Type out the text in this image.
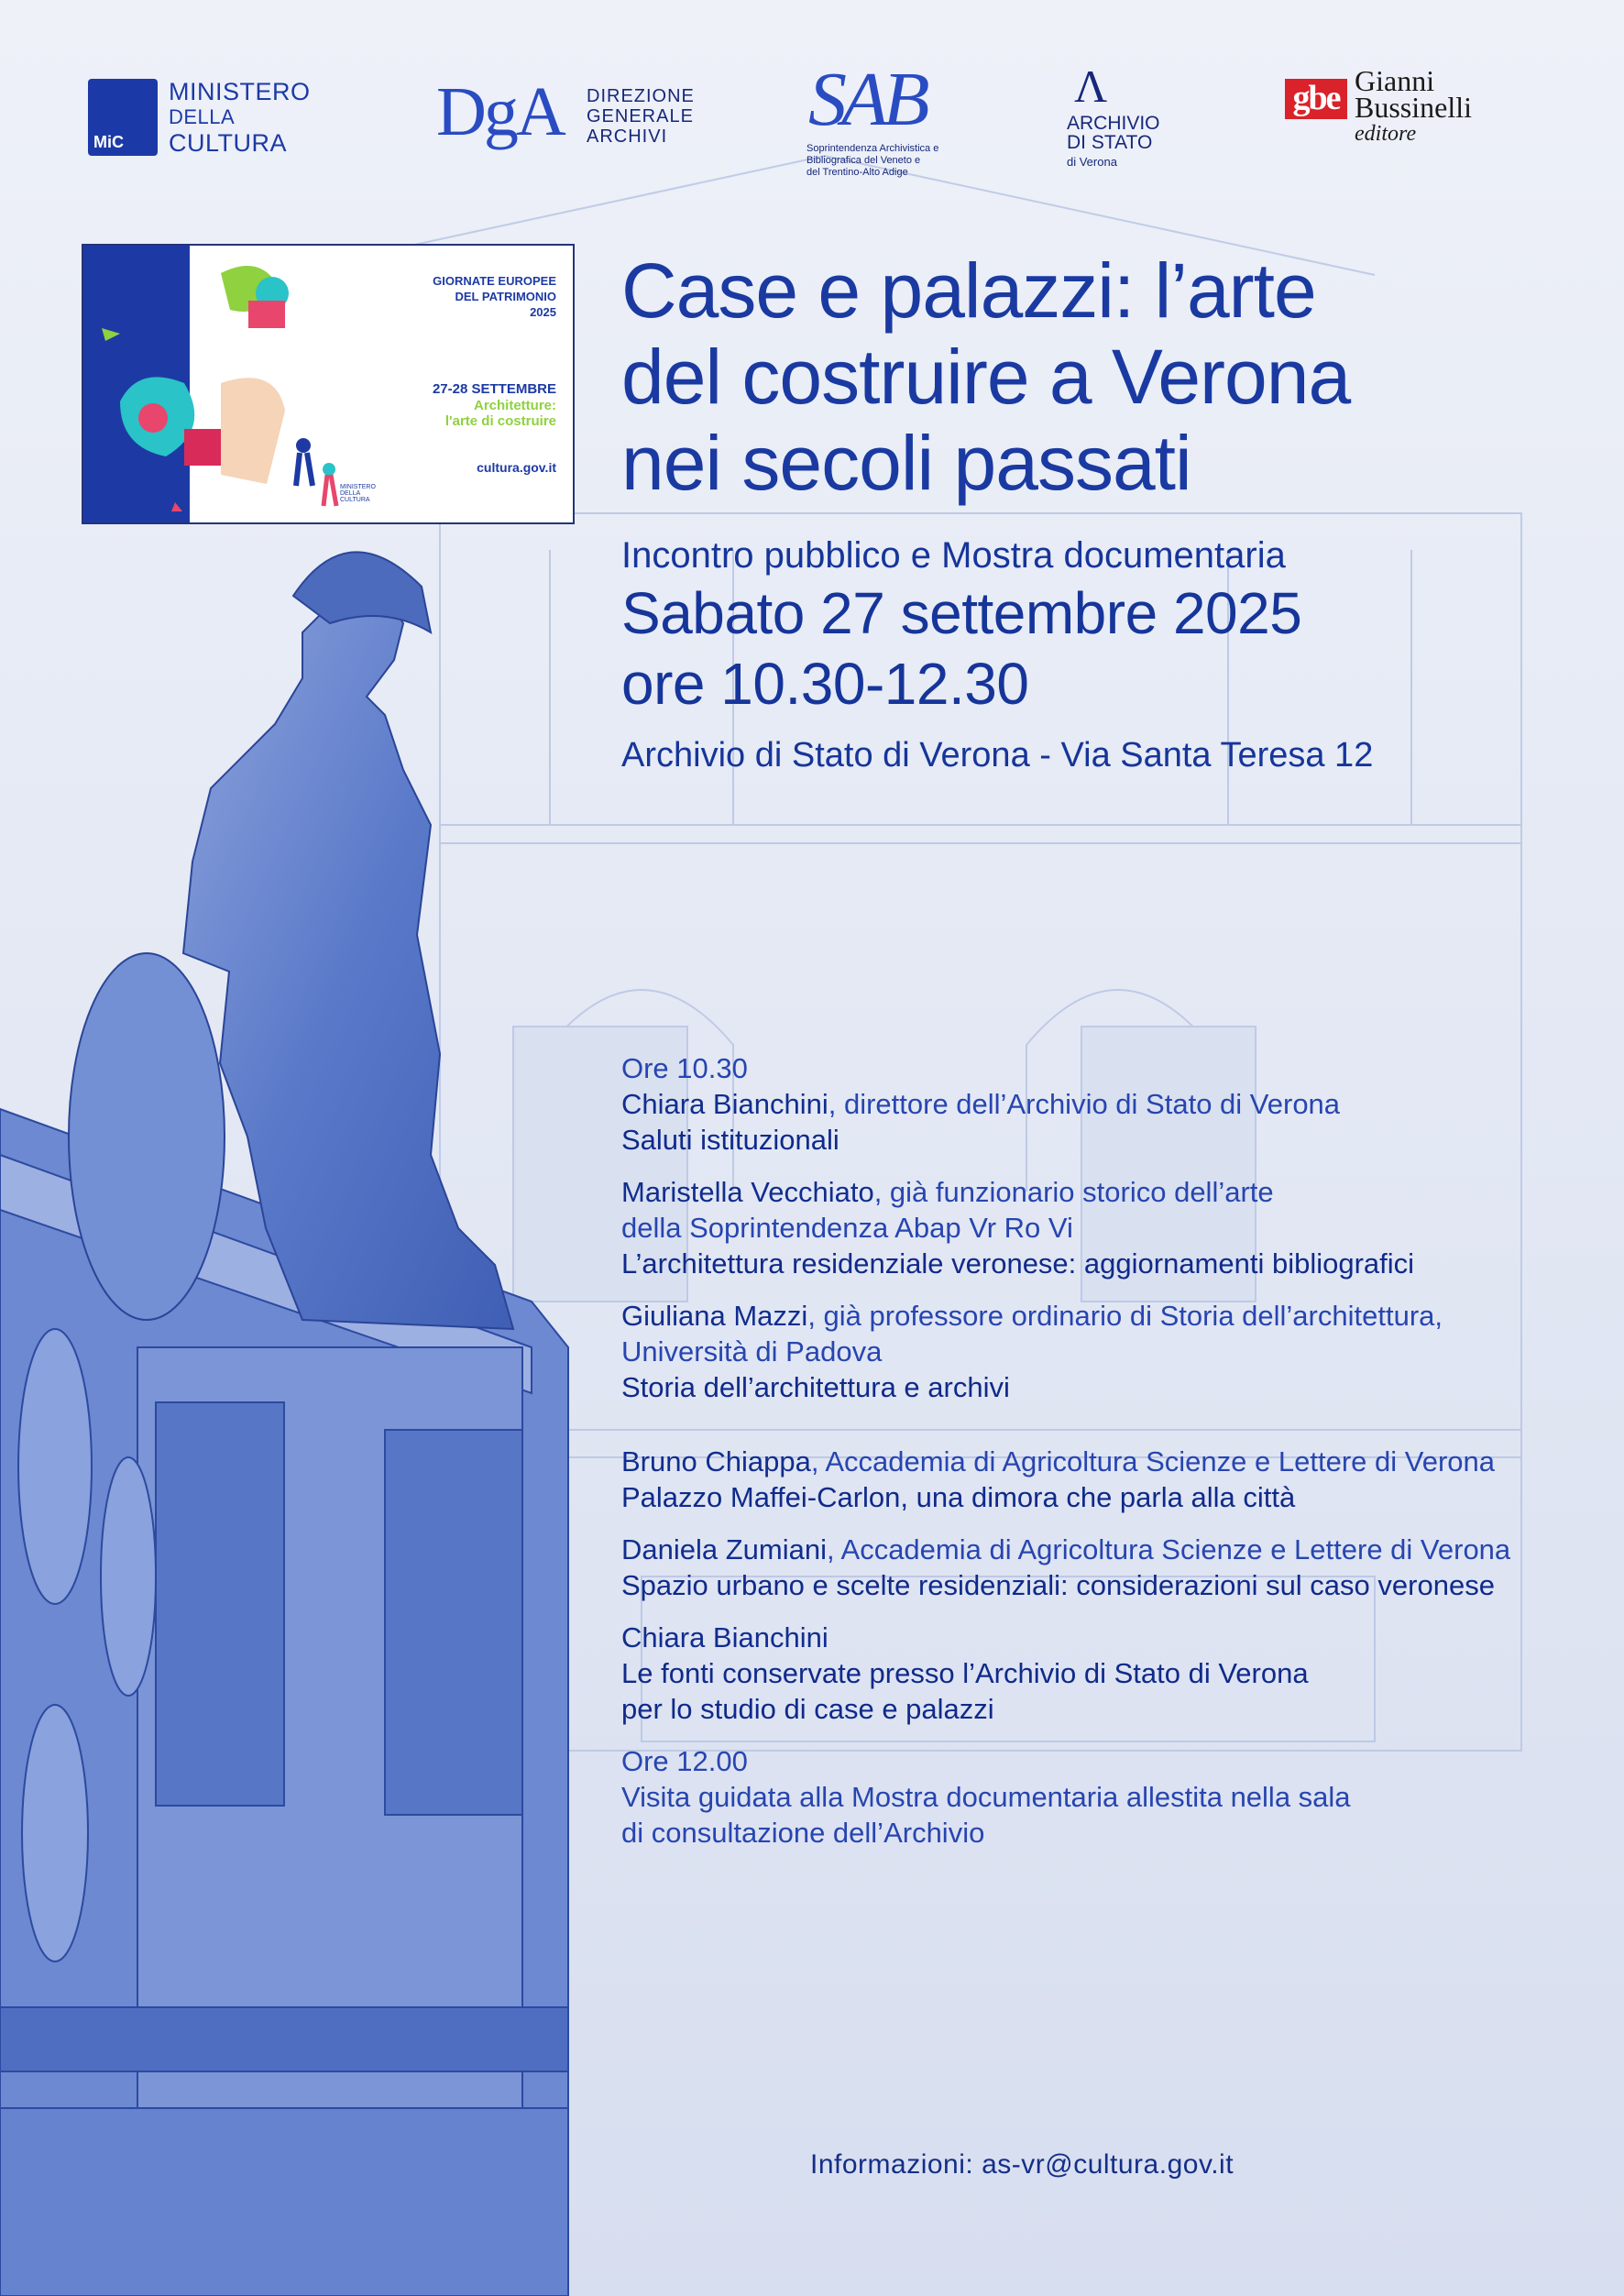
MiC
MINISTERO
DELLA
CULTURA	DgA DIREZIONE
GENERALE
ARCHIVI	SAB
Soprintendenza Archivistica e
Bibliografica del Veneto e
del Trentino-Alto Adige
Λ
ARCHIVIO
DI STATO
di Verona
gbe Gianni
Bussinelli
editore
GIORNATE EUROPEE
DEL PATRIMONIO
2025
27-28 SETTEMBRE
Architetture:
l'arte di costruire
cultura.gov.it
MINISTERO
DELLA
CULTURA
Case e palazzi: l’arte
del costruire a Verona
nei secoli passati
Incontro pubblico e Mostra documentaria
Sabato 27 settembre 2025
ore 10.30-12.30
Archivio di Stato di Verona - Via Santa Teresa 12
Ore 10.30
Chiara Bianchini, direttore dell’Archivio di Stato di Verona
Saluti istituzionali
Maristella Vecchiato, già funzionario storico dell’arte
della Soprintendenza Abap Vr Ro Vi
L’architettura residenziale veronese: aggiornamenti bibliografici
Giuliana Mazzi, già professore ordinario di Storia dell’architettura,
Università di Padova
Storia dell’architettura e archivi
Bruno Chiappa, Accademia di Agricoltura Scienze e Lettere di Verona
Palazzo Maffei-Carlon, una dimora che parla alla città
Daniela Zumiani, Accademia di Agricoltura Scienze e Lettere di Verona
Spazio urbano e scelte residenziali: considerazioni sul caso veronese
Chiara Bianchini
Le fonti conservate presso l’Archivio di Stato di Verona
per lo studio di case e palazzi
Ore 12.00
Visita guidata alla Mostra documentaria allestita nella sala
di consultazione dell’Archivio
Informazioni: as-vr@cultura.gov.it
